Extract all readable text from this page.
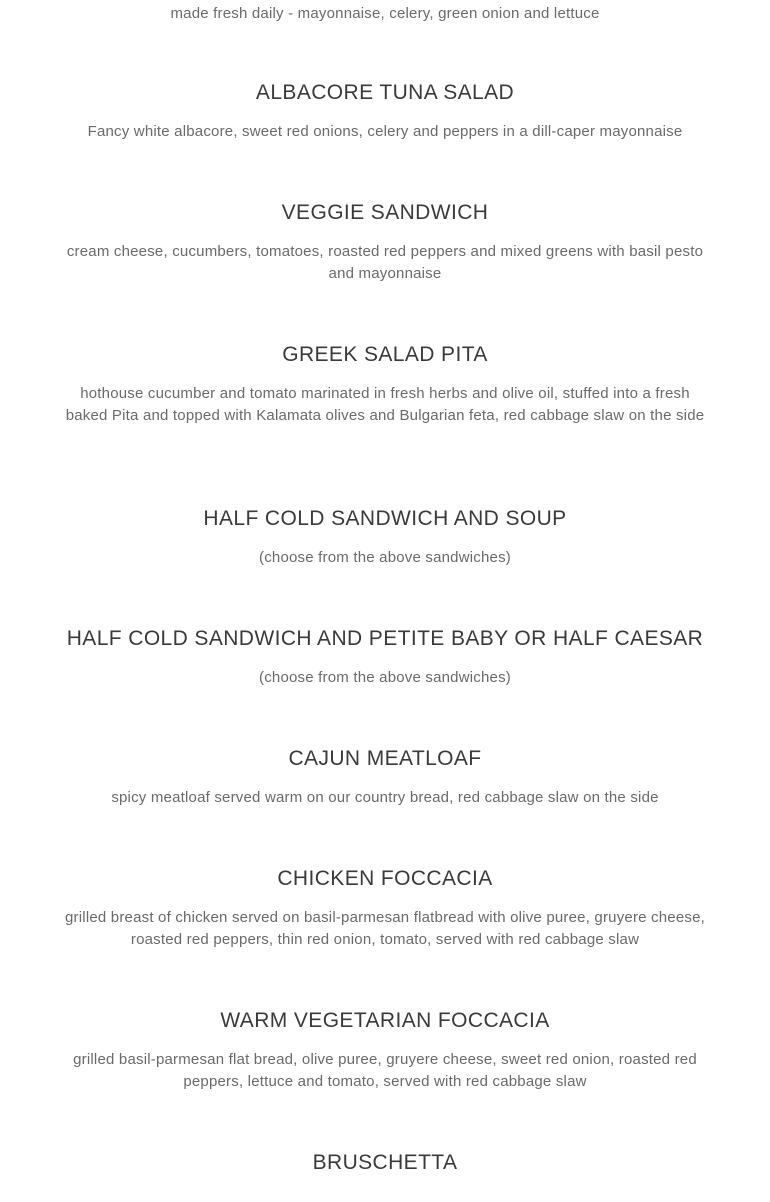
made fresh daily - mayonnaise, celery, green onion and lettuce

ALBACORE TUNA SALAD

Fancy white albacore, sweet red onions, celery and peppers in a dill-caper mayonnaise

VEGGIE SANDWICH

cream cheese, cucumbers, tomatoes, roasted red peppers and mixed greens with basil pesto and mayonnaise

GREEK SALAD PITA

hothouse cucumber and tomato marinated in fresh herbs and olive oil, stuffed into a fresh baked Pita and topped with Kalamata olives and Bulgarian feta, red cabbage slaw on the side

HALF COLD SANDWICH AND SOUP

(choose from the above sandwiches)

HALF COLD SANDWICH AND PETITE BABY OR HALF CAESAR

(choose from the above sandwiches)

CAJUN MEATLOAF

spicy meatloaf served warm on our country bread, red cabbage slaw on the side

CHICKEN FOCCACIA

grilled breast of chicken served on basil-parmesan flatbread with olive puree, gruyere cheese, roasted red peppers, thin red onion, tomato, served with red cabbage slaw

WARM VEGETARIAN FOCCACIA

grilled basil-parmesan flat bread, olive puree, gruyere cheese, sweet red onion, roasted red peppers, lettuce and tomato, served with red cabbage slaw

BRUSCHETTA
